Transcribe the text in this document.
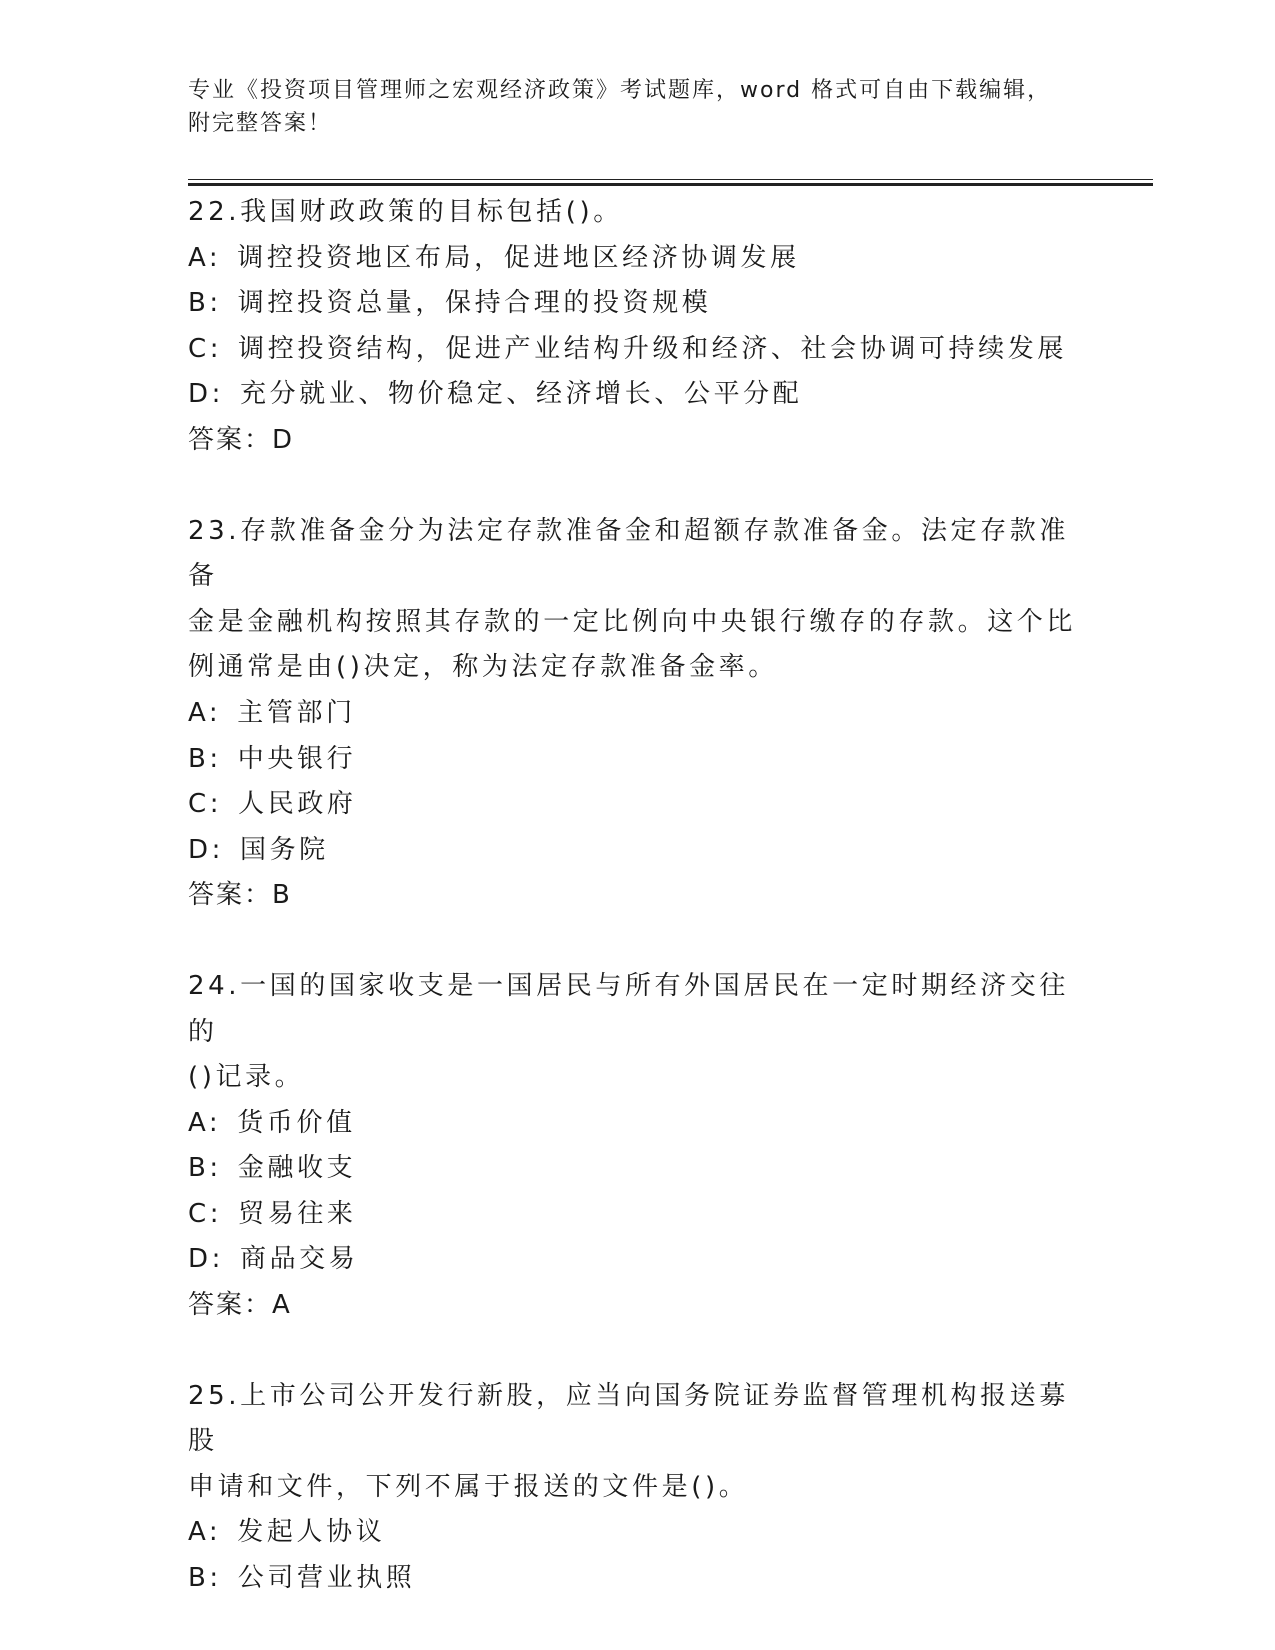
专业《投资项目管理师之宏观经济政策》考试题库，word 格式可自由下载编辑，
附完整答案！

22.我国财政政策的目标包括()。

A: 调控投资地区布局，促进地区经济协调发展

B: 调控投资总量，保持合理的投资规模

C: 调控投资结构，促进产业结构升级和经济、社会协调可持续发展

D: 充分就业、物价稳定、经济增长、公平分配

答案：D

23.存款准备金分为法定存款准备金和超额存款准备金。法定存款准备

金是金融机构按照其存款的一定比例向中央银行缴存的存款。这个比

例通常是由()决定，称为法定存款准备金率。

A: 主管部门

B: 中央银行

C: 人民政府

D: 国务院

答案：B

24.一国的国家收支是一国居民与所有外国居民在一定时期经济交往的

()记录。

A: 货币价值

B: 金融收支

C: 贸易往来

D: 商品交易

答案：A

25.上市公司公开发行新股，应当向国务院证券监督管理机构报送募股

申请和文件，下列不属于报送的文件是()。

A: 发起人协议

B: 公司营业执照
